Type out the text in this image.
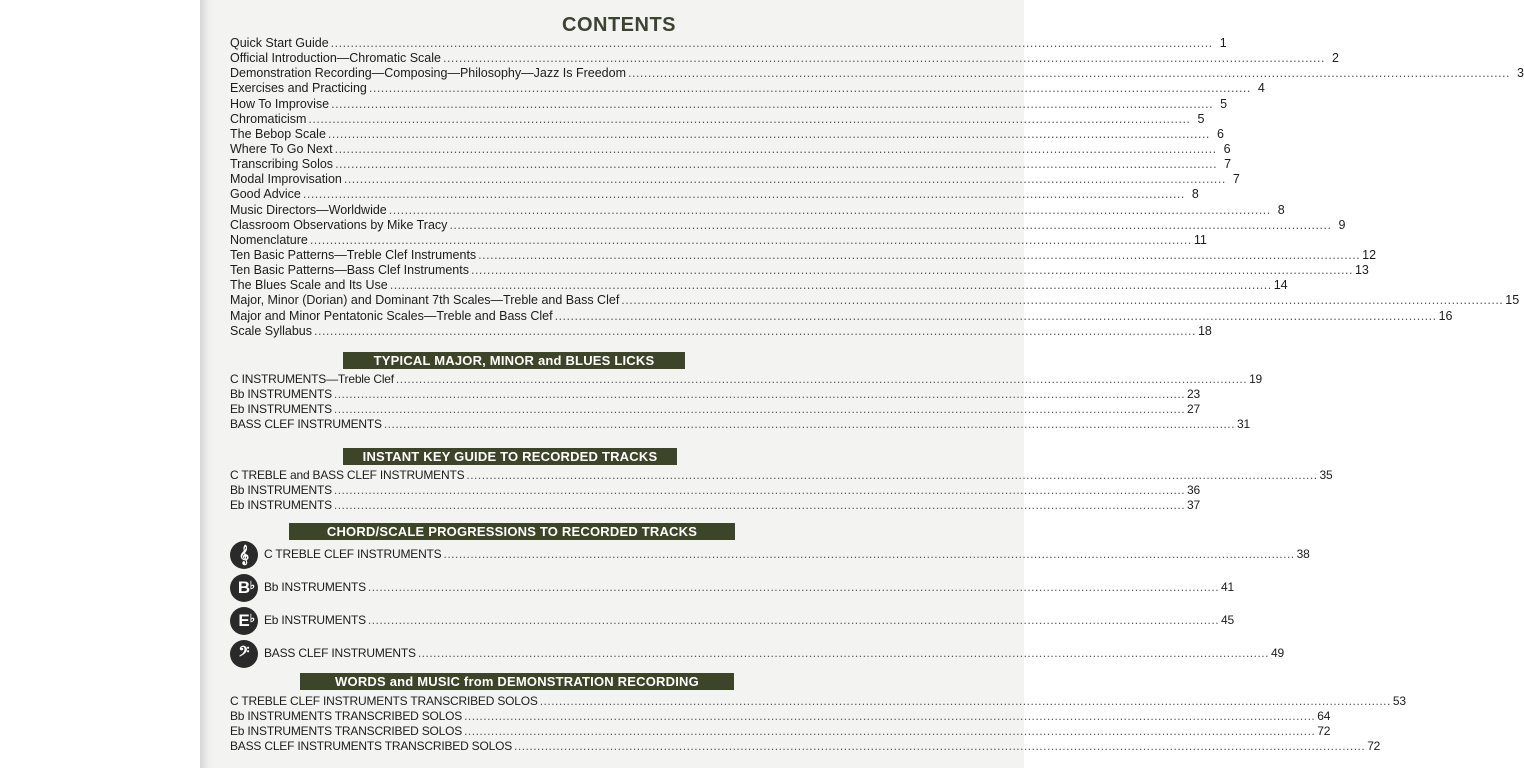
CONTENTS
Quick Start Guide .....	1
Official Introduction—Chromatic Scale .....	2
Demonstration Recording—Composing—Philosophy—Jazz Is Freedom .....	3
Exercises and Practicing .....	4
How To Improvise .....	5
Chromaticism .....	5
The Bebop Scale .....	6
Where To Go Next .....	6
Transcribing Solos .....	7
Modal Improvisation .....	7
Good Advice .....	8
Music Directors—Worldwide .....	8
Classroom Observations by Mike Tracy .....	9
Nomenclature .....	11
Ten Basic Patterns—Treble Clef Instruments .....	12
Ten Basic Patterns—Bass Clef Instruments .....	13
The Blues Scale and Its Use .....	14
Major, Minor (Dorian) and Dominant 7th Scales—Treble and Bass Clef .....	15
Major and Minor Pentatonic Scales—Treble and Bass Clef .....	16
Scale Syllabus .....	18
TYPICAL MAJOR, MINOR and BLUES LICKS
C INSTRUMENTS—Treble Clef .....	19
Bb INSTRUMENTS .....	23
Eb INSTRUMENTS .....	27
BASS CLEF INSTRUMENTS .....	31
INSTANT KEY GUIDE TO RECORDED TRACKS
C TREBLE and BASS CLEF INSTRUMENTS .....	35
Bb INSTRUMENTS .....	36
Eb INSTRUMENTS .....	37
CHORD/SCALE PROGRESSIONS TO RECORDED TRACKS
𝄞	C TREBLE CLEF INSTRUMENTS .....	38
B ♭ Bb INSTRUMENTS .....	41
E ♭ Eb INSTRUMENTS .....	45
𝄢	BASS CLEF INSTRUMENTS .....	49
WORDS and MUSIC from DEMONSTRATION RECORDING
C TREBLE CLEF INSTRUMENTS TRANSCRIBED SOLOS .....	53
Bb INSTRUMENTS TRANSCRIBED SOLOS .....	64
Eb INSTRUMENTS TRANSCRIBED SOLOS .....	72
BASS CLEF INSTRUMENTS TRANSCRIBED SOLOS .....	72
